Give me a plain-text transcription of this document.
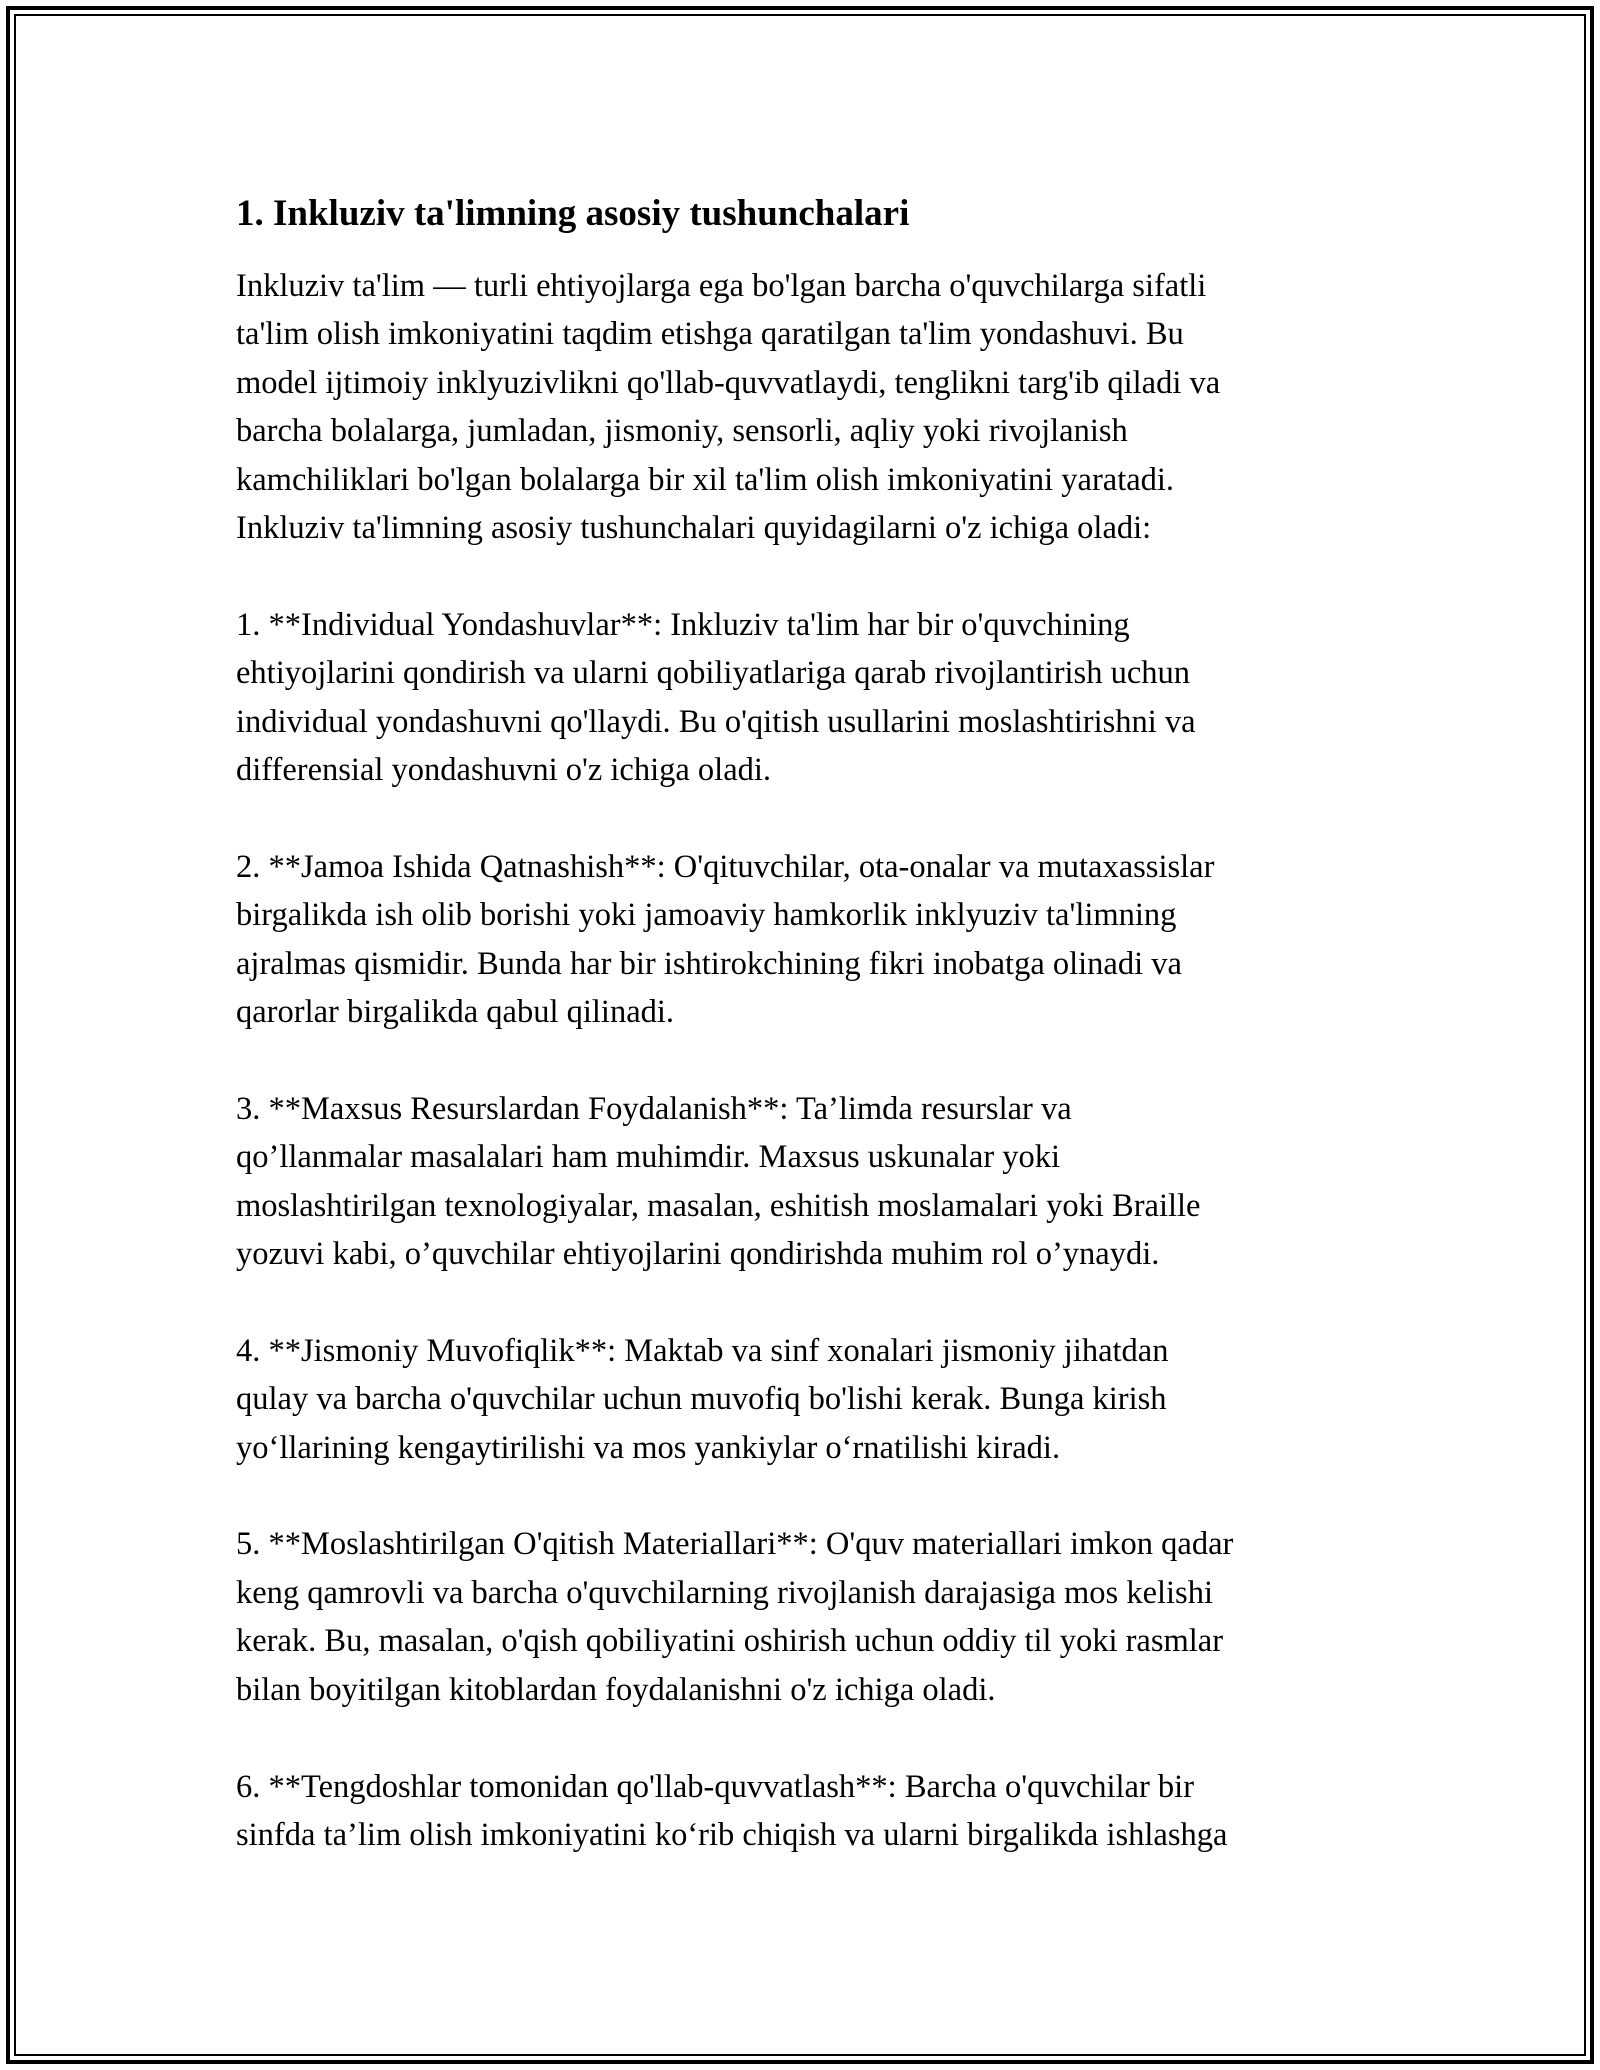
1. Inkluziv ta'limning asosiy tushunchalari
Inkluziv ta'lim — turli ehtiyojlarga ega bo'lgan barcha o'quvchilarga sifatli
ta'lim olish imkoniyatini taqdim etishga qaratilgan ta'lim yondashuvi. Bu
model ijtimoiy inklyuzivlikni qo'llab-quvvatlaydi, tenglikni targ'ib qiladi va
barcha bolalarga, jumladan, jismoniy, sensorli, aqliy yoki rivojlanish
kamchiliklari bo'lgan bolalarga bir xil ta'lim olish imkoniyatini yaratadi.
Inkluziv ta'limning asosiy tushunchalari quyidagilarni o'z ichiga oladi:
1. **Individual Yondashuvlar**: Inkluziv ta'lim har bir o'quvchining
ehtiyojlarini qondirish va ularni qobiliyatlariga qarab rivojlantirish uchun
individual yondashuvni qo'llaydi. Bu o'qitish usullarini moslashtirishni va
differensial yondashuvni o'z ichiga oladi.
2. **Jamoa Ishida Qatnashish**: O'qituvchilar, ota-onalar va mutaxassislar
birgalikda ish olib borishi yoki jamoaviy hamkorlik inklyuziv ta'limning
ajralmas qismidir. Bunda har bir ishtirokchining fikri inobatga olinadi va
qarorlar birgalikda qabul qilinadi.
3. **Maxsus Resurslardan Foydalanish**: Ta’limda resurslar va
qo’llanmalar masalalari ham muhimdir. Maxsus uskunalar yoki
moslashtirilgan texnologiyalar, masalan, eshitish moslamalari yoki Braille
yozuvi kabi, o’quvchilar ehtiyojlarini qondirishda muhim rol o’ynaydi.
4. **Jismoniy Muvofiqlik**: Maktab va sinf xonalari jismoniy jihatdan
qulay va barcha o'quvchilar uchun muvofiq bo'lishi kerak. Bunga kirish
yo‘llarining kengaytirilishi va mos yankiylar o‘rnatilishi kiradi.
5. **Moslashtirilgan O'qitish Materiallari**: O'quv materiallari imkon qadar
keng qamrovli va barcha o'quvchilarning rivojlanish darajasiga mos kelishi
kerak. Bu, masalan, o'qish qobiliyatini oshirish uchun oddiy til yoki rasmlar
bilan boyitilgan kitoblardan foydalanishni o'z ichiga oladi.
6. **Tengdoshlar tomonidan qo'llab-quvvatlash**: Barcha o'quvchilar bir
sinfda ta’lim olish imkoniyatini ko‘rib chiqish va ularni birgalikda ishlashga
